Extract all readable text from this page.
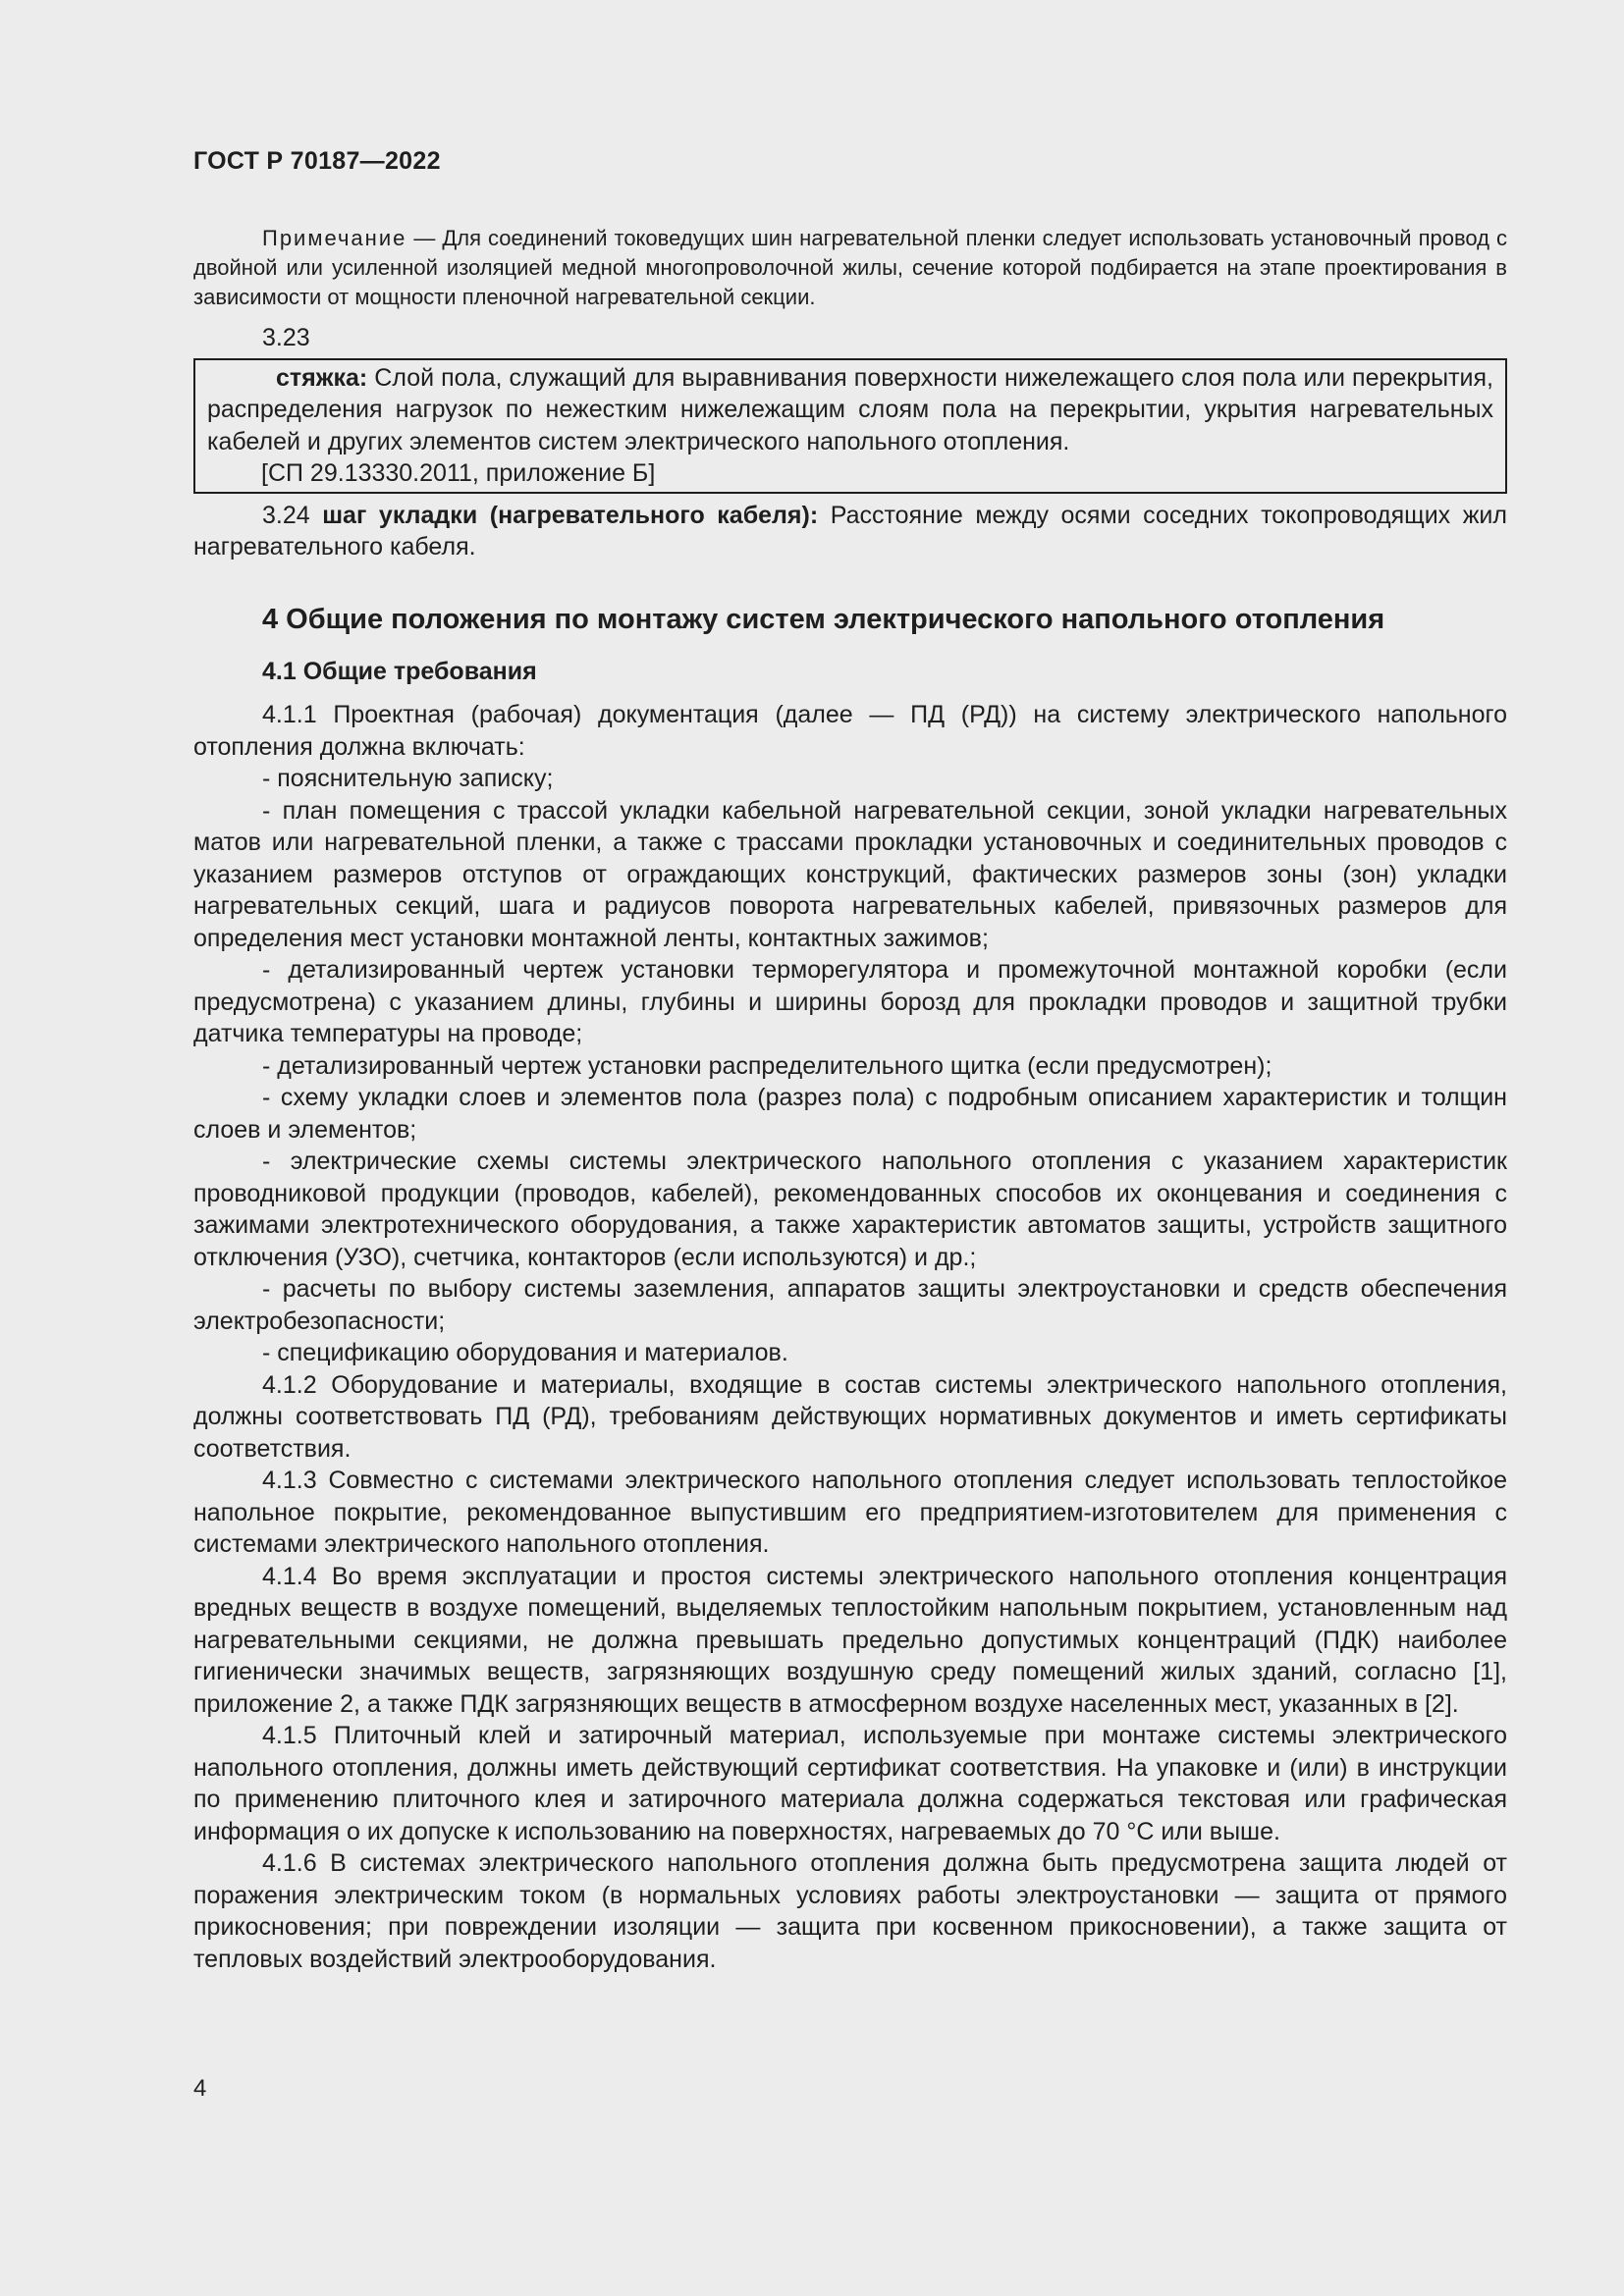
ГОСТ Р 70187—2022

Примечание — Для соединений токоведущих шин нагревательной пленки следует использовать установочный провод с двойной или усиленной изоляцией медной многопроволочной жилы, сечение которой подбирается на этапе проектирования в зависимости от мощности пленочной нагревательной секции.

3.23

стяжка: Слой пола, служащий для выравнивания поверхности нижележащего слоя пола или перекрытия, распределения нагрузок по нежестким нижележащим слоям пола на перекрытии, укрытия нагревательных кабелей и других элементов систем электрического напольного отопления.

[СП 29.13330.2011, приложение Б]

3.24 шаг укладки (нагревательного кабеля): Расстояние между осями соседних токопроводящих жил нагревательного кабеля.

4 Общие положения по монтажу систем электрического напольного отопления

4.1 Общие требования

4.1.1 Проектная (рабочая) документация (далее — ПД (РД)) на систему электрического напольного отопления должна включать:

- пояснительную записку;

- план помещения с трассой укладки кабельной нагревательной секции, зоной укладки нагревательных матов или нагревательной пленки, а также с трассами прокладки установочных и соединительных проводов с указанием размеров отступов от ограждающих конструкций, фактических размеров зоны (зон) укладки нагревательных секций, шага и радиусов поворота нагревательных кабелей, привязочных размеров для определения мест установки монтажной ленты, контактных зажимов;

- детализированный чертеж установки терморегулятора и промежуточной монтажной коробки (если предусмотрена) с указанием длины, глубины и ширины борозд для прокладки проводов и защитной трубки датчика температуры на проводе;

- детализированный чертеж установки распределительного щитка (если предусмотрен);

- схему укладки слоев и элементов пола (разрез пола) с подробным описанием характеристик и толщин слоев и элементов;

- электрические схемы системы электрического напольного отопления с указанием характеристик проводниковой продукции (проводов, кабелей), рекомендованных способов их оконцевания и соединения с зажимами электротехнического оборудования, а также характеристик автоматов защиты, устройств защитного отключения (УЗО), счетчика, контакторов (если используются) и др.;

- расчеты по выбору системы заземления, аппаратов защиты электроустановки и средств обеспечения электробезопасности;

- спецификацию оборудования и материалов.

4.1.2 Оборудование и материалы, входящие в состав системы электрического напольного отопления, должны соответствовать ПД (РД), требованиям действующих нормативных документов и иметь сертификаты соответствия.

4.1.3 Совместно с системами электрического напольного отопления следует использовать теплостойкое напольное покрытие, рекомендованное выпустившим его предприятием-изготовителем для применения с системами электрического напольного отопления.

4.1.4 Во время эксплуатации и простоя системы электрического напольного отопления концентрация вредных веществ в воздухе помещений, выделяемых теплостойким напольным покрытием, установленным над нагревательными секциями, не должна превышать предельно допустимых концентраций (ПДК) наиболее гигиенически значимых веществ, загрязняющих воздушную среду помещений жилых зданий, согласно [1], приложение 2, а также ПДК загрязняющих веществ в атмосферном воздухе населенных мест, указанных в [2].

4.1.5 Плиточный клей и затирочный материал, используемые при монтаже системы электрического напольного отопления, должны иметь действующий сертификат соответствия. На упаковке и (или) в инструкции по применению плиточного клея и затирочного материала должна содержаться текстовая или графическая информация о их допуске к использованию на поверхностях, нагреваемых до 70 °С или выше.

4.1.6 В системах электрического напольного отопления должна быть предусмотрена защита людей от поражения электрическим током (в нормальных условиях работы электроустановки — защита от прямого прикосновения; при повреждении изоляции — защита при косвенном прикосновении), а также защита от тепловых воздействий электрооборудования.

4
